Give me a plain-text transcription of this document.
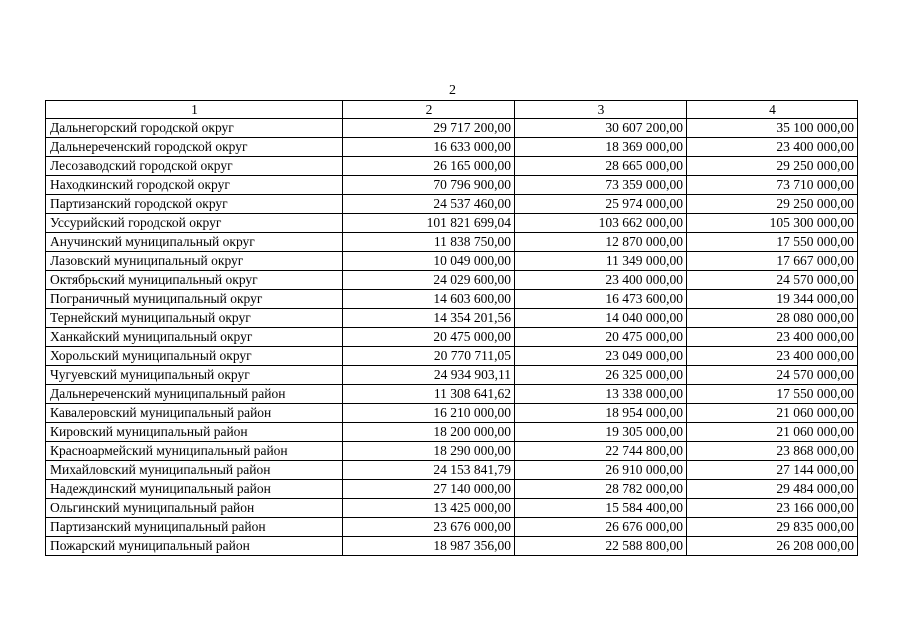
2
1	2	3	4
Дальнегорский городской округ	29 717 200,00	30 607 200,00	35 100 000,00
Дальнереченский городской округ	16 633 000,00	18 369 000,00	23 400 000,00
Лесозаводский городской округ	26 165 000,00	28 665 000,00	29 250 000,00
Находкинский городской округ	70 796 900,00	73 359 000,00	73 710 000,00
Партизанский городской округ	24 537 460,00	25 974 000,00	29 250 000,00
Уссурийский городской округ	101 821 699,04	103 662 000,00	105 300 000,00
Анучинский муниципальный округ	11 838 750,00	12 870 000,00	17 550 000,00
Лазовский муниципальный округ	10 049 000,00	11 349 000,00	17 667 000,00
Октябрьский муниципальный округ	24 029 600,00	23 400 000,00	24 570 000,00
Пограничный муниципальный округ	14 603 600,00	16 473 600,00	19 344 000,00
Тернейский муниципальный округ	14 354 201,56	14 040 000,00	28 080 000,00
Ханкайский муниципальный округ	20 475 000,00	20 475 000,00	23 400 000,00
Хорольский муниципальный округ	20 770 711,05	23 049 000,00	23 400 000,00
Чугуевский муниципальный округ	24 934 903,11	26 325 000,00	24 570 000,00
Дальнереченский муниципальный район	11 308 641,62	13 338 000,00	17 550 000,00
Кавалеровский муниципальный район	16 210 000,00	18 954 000,00	21 060 000,00
Кировский муниципальный район	18 200 000,00	19 305 000,00	21 060 000,00
Красноармейский муниципальный район	18 290 000,00	22 744 800,00	23 868 000,00
Михайловский муниципальный район	24 153 841,79	26 910 000,00	27 144 000,00
Надеждинский муниципальный район	27 140 000,00	28 782 000,00	29 484 000,00
Ольгинский муниципальный район	13 425 000,00	15 584 400,00	23 166 000,00
Партизанский муниципальный район	23 676 000,00	26 676 000,00	29 835 000,00
Пожарский муниципальный район	18 987 356,00	22 588 800,00	26 208 000,00
